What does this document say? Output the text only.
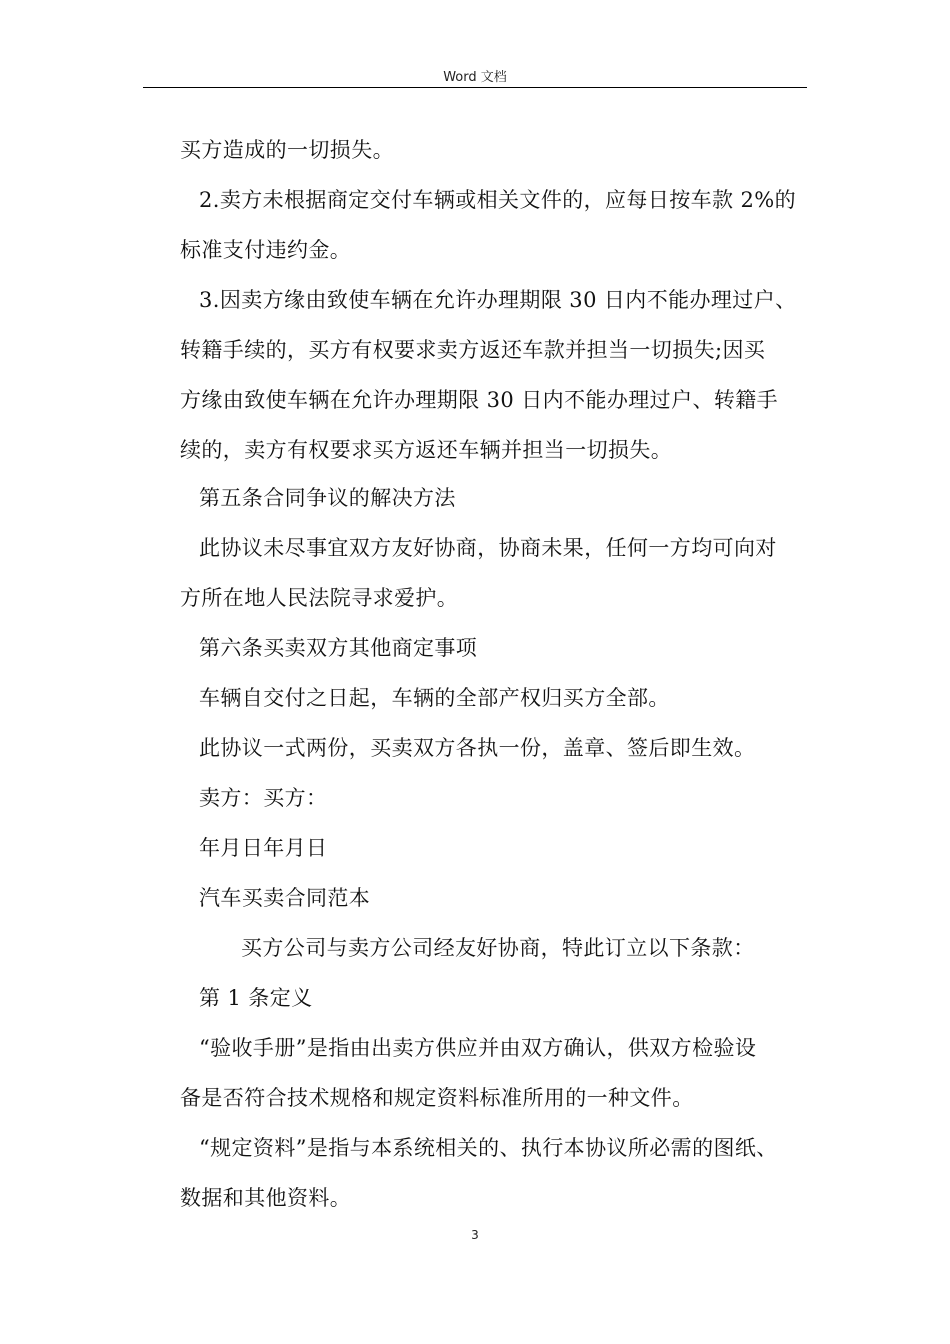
Word 文档
买方造成的一切损失。
2.卖方未根据商定交付车辆或相关文件的，应每日按车款 2%的
标准支付违约金。
3.因卖方缘由致使车辆在允许办理期限 30 日内不能办理过户、
转籍手续的，买方有权要求卖方返还车款并担当一切损失;因买
方缘由致使车辆在允许办理期限 30 日内不能办理过户、转籍手
续的，卖方有权要求买方返还车辆并担当一切损失。
第五条合同争议的解决方法
此协议未尽事宜双方友好协商，协商未果，任何一方均可向对
方所在地人民法院寻求爱护。
第六条买卖双方其他商定事项
车辆自交付之日起，车辆的全部产权归买方全部。
此协议一式两份，买卖双方各执一份，盖章、签后即生效。
卖方：买方：
年月日年月日
汽车买卖合同范本
买方公司与卖方公司经友好协商，特此订立以下条款：
第 1 条定义
“验收手册”是指由出卖方供应并由双方确认，供双方检验设
备是否符合技术规格和规定资料标准所用的一种文件。
“规定资料”是指与本系统相关的、执行本协议所必需的图纸、
数据和其他资料。
3
